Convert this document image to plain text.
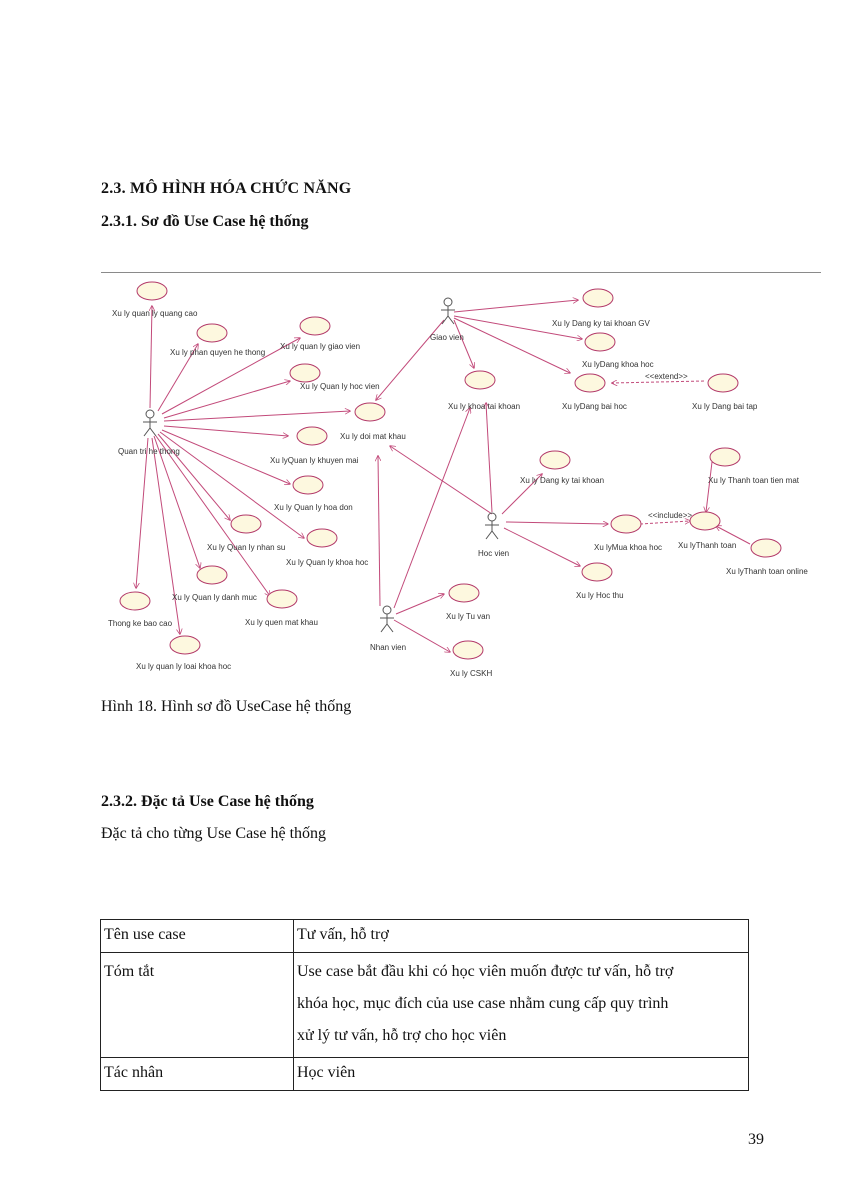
2.3. MÔ HÌNH HÓA CHỨC NĂNG
2.3.1. Sơ đồ Use Case hệ thống
Quan tri he thong
Giao vien
Hoc vien
Nhan vien
Xu ly quan ly quang cao
Xu ly phan quyen he thong
Xu ly quan ly giao vien
Xu ly Quan ly hoc vien
Xu ly doi mat khau
Xu lyQuan ly khuyen mai
Xu ly Quan ly hoa don
Xu ly Quan ly nhan su
Xu ly Quan ly khoa hoc
Xu ly Quan ly danh muc
Xu ly quen mat khau
Thong ke bao cao
Xu ly quan ly loai khoa hoc
Xu ly Dang ky tai khoan GV
Xu lyDang khoa hoc
Xu lyDang bai hoc	Xu ly Dang bai tap
<<extend>>
Xu ly khoa tai khoan
Xu ly Dang ky tai khoan	Xu ly Thanh toan tien mat
Xu lyMua khoa hoc
<<include>>
Xu lyThanh toan
Xu lyThanh toan online
Xu ly Hoc thu
Xu ly Tu van
Xu ly CSKH
Hình 18. Hình sơ đồ UseCase hệ thống
2.3.2. Đặc tả Use Case hệ thống
Đặc tả cho từng Use Case hệ thống
Tên use case	Tư vấn, hỗ trợ
Tóm tắt	Use case bắt đầu khi có học viên muốn được tư vấn, hỗ trợ
khóa học, mục đích của use case nhằm cung cấp quy trình
xử lý tư vấn, hỗ trợ cho học viên

Tác nhân	Học viên
39
